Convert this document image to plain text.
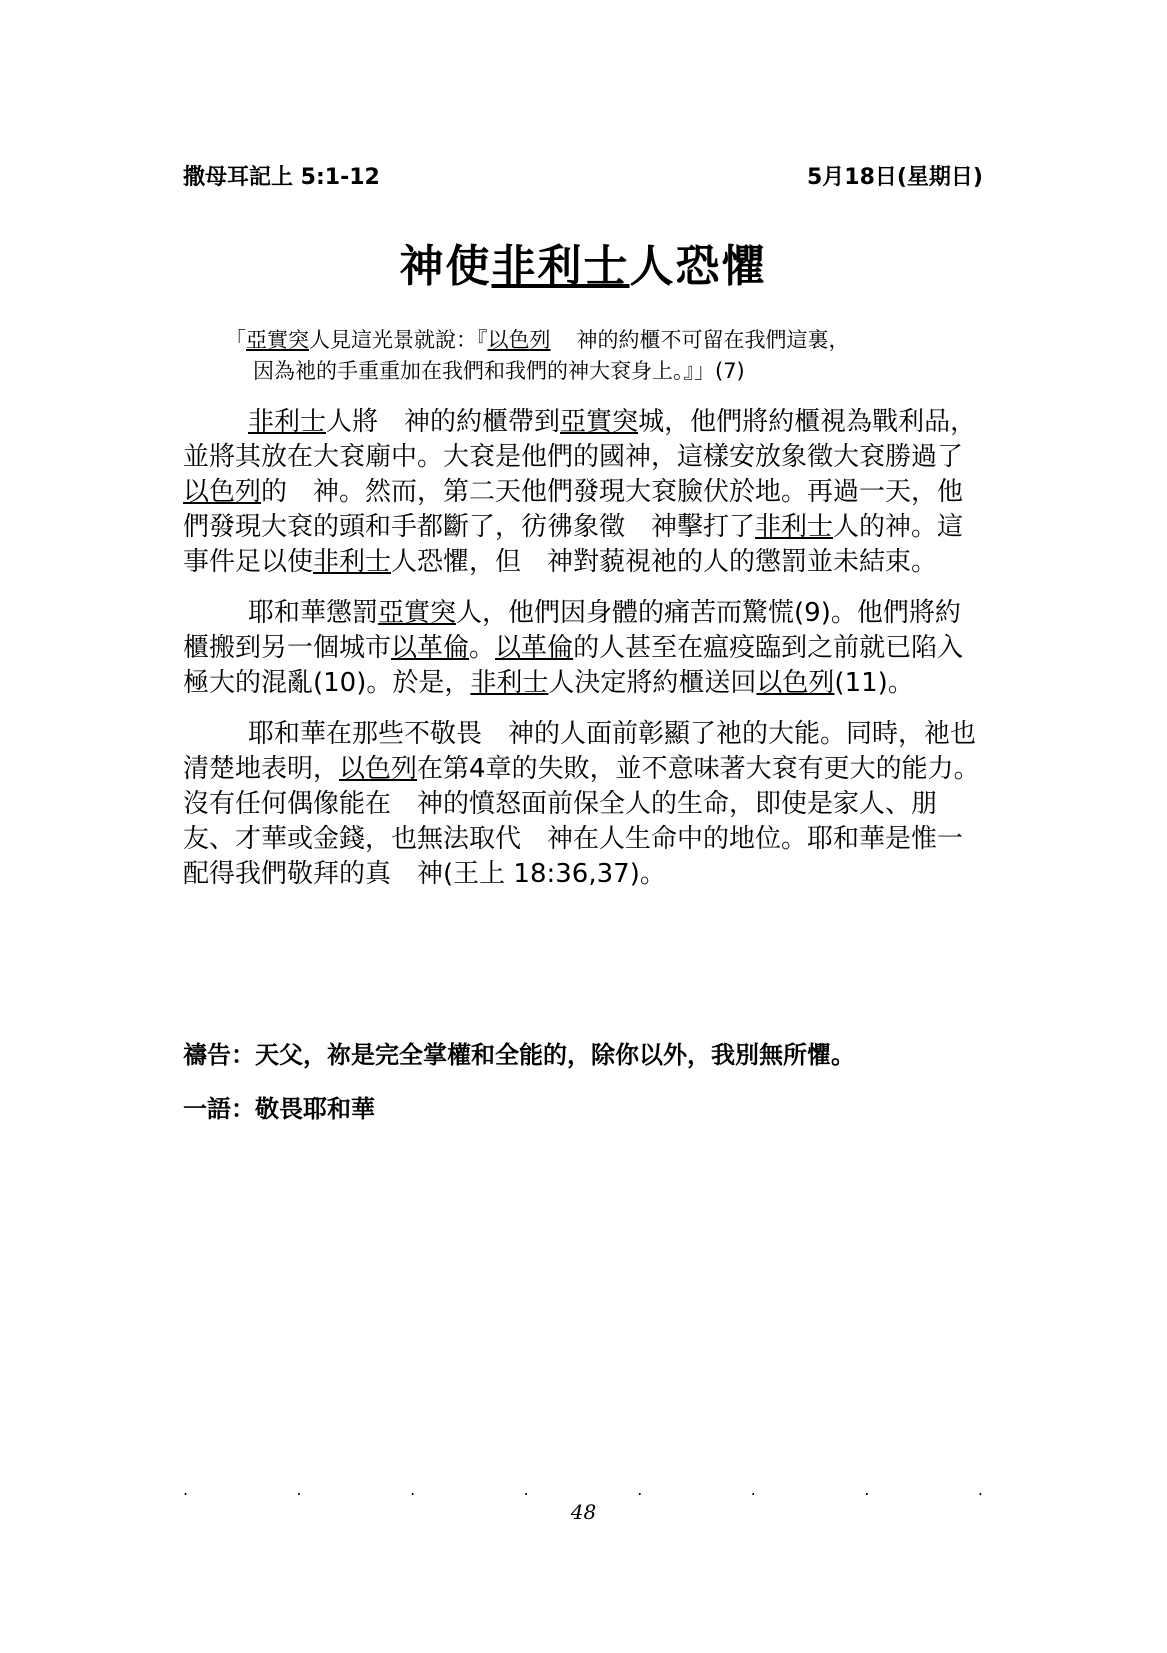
撒母耳記上 5:1-12	5月18日(星期日)
神使非利士人恐懼
「亞實突人見這光景就說：『以色列 神的約櫃不可留在我們這裏，
因為祂的手重重加在我們和我們的神大袞身上。』」(7)

非利士人將 神的約櫃帶到亞實突城，他們將約櫃視為戰利品，並將其放在大袞廟中。大袞是他們的國神，這樣安放象徵大袞勝過了以色列的 神。然而，第二天他們發現大袞臉伏於地。再過一天，他們發現大袞的頭和手都斷了，彷彿象徵 神擊打了非利士人的神。這事件足以使非利士人恐懼，但 神對藐視祂的人的懲罰並未結束。

耶和華懲罰亞實突人，他們因身體的痛苦而驚慌(9)。他們將約櫃搬到另一個城市以革倫。以革倫的人甚至在瘟疫臨到之前就已陷入極大的混亂(10)。於是，非利士人決定將約櫃送回以色列(11)。

耶和華在那些不敬畏 神的人面前彰顯了祂的大能。同時，祂也清楚地表明，以色列在第4章的失敗，並不意味著大袞有更大的能力。沒有任何偶像能在 神的憤怒面前保全人的生命，即使是家人、朋友、才華或金錢，也無法取代 神在人生命中的地位。耶和華是惟一配得我們敬拜的真 神(王上 18:36,37)。

禱告：天父，祢是完全掌權和全能的，除你以外，我別無所懼。
一語：敬畏耶和華
.	.	.	.	.	.	.	.
48
